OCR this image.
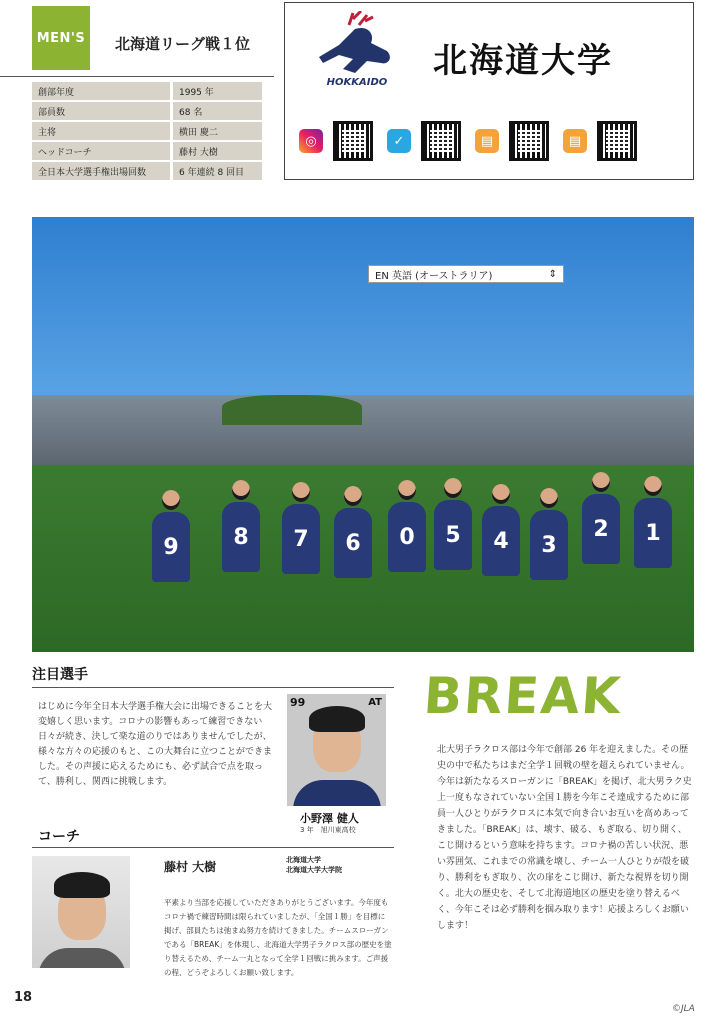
MEN'S	北海道リーグ戦１位
創部年度	1995 年
部員数	68 名
主将	横田 慶二
ヘッドコーチ	藤村 大樹
全日本大学選手権出場回数	6 年連続 8 回目
HOKKAIDO
北海道大学
◎	✓	▤	▤
9	8	7	6	0	5	4	3
2	1
EN 英語 (オーストラリア)	⇕
注目選手
はじめに今年全日本大学選手権大会に出場できることを大変嬉しく思います。コロナの影響もあって練習できない日々が続き、決して楽な道のりではありませんでしたが、様々な方々の応援のもと、この大舞台に立つことができました。その声援に応えるためにも、必ず試合で点を取って、勝利し、関西に挑戦します。
99	AT
小野澤 健人
3 年　旭川東高校
コーチ
藤村 大樹	北海道大学
北海道大学大学院
平素より当部を応援していただきありがとうございます。今年度もコロナ禍で練習時間は限られていましたが、「全国１勝」を目標に掲げ、部員たちは弛まぬ努力を続けてきました。チームスローガンである「BREAK」を体現し、北海道大学男子ラクロス部の歴史を塗り替えるため、チーム一丸となって全学１回戦に挑みます。ご声援の程、どうぞよろしくお願い致します。
BREAK
北大男子ラクロス部は今年で創部 26 年を迎えました。その歴史の中で私たちはまだ全学１回戦の壁を超えられていません。今年は新たなるスローガンに「BREAK」を掲げ、北大男ラク史上一度もなされていない全国１勝を今年こそ達成するために部員一人ひとりがラクロスに本気で向き合いお互いを高めあってきました。「BREAK」は、壊す、破る、もぎ取る、切り開く、こじ開けるという意味を持ちます。コロナ禍の苦しい状況、悪い雰囲気、これまでの常識を壊し、チーム一人ひとりが殻を破り、勝利をもぎ取り、次の扉をこじ開け、新たな視界を切り開く。北大の歴史を、そして北海道地区の歴史を塗り替えるべく、今年こそは必ず勝利を掴み取ります！応援よろしくお願いします！
18
©JLA
